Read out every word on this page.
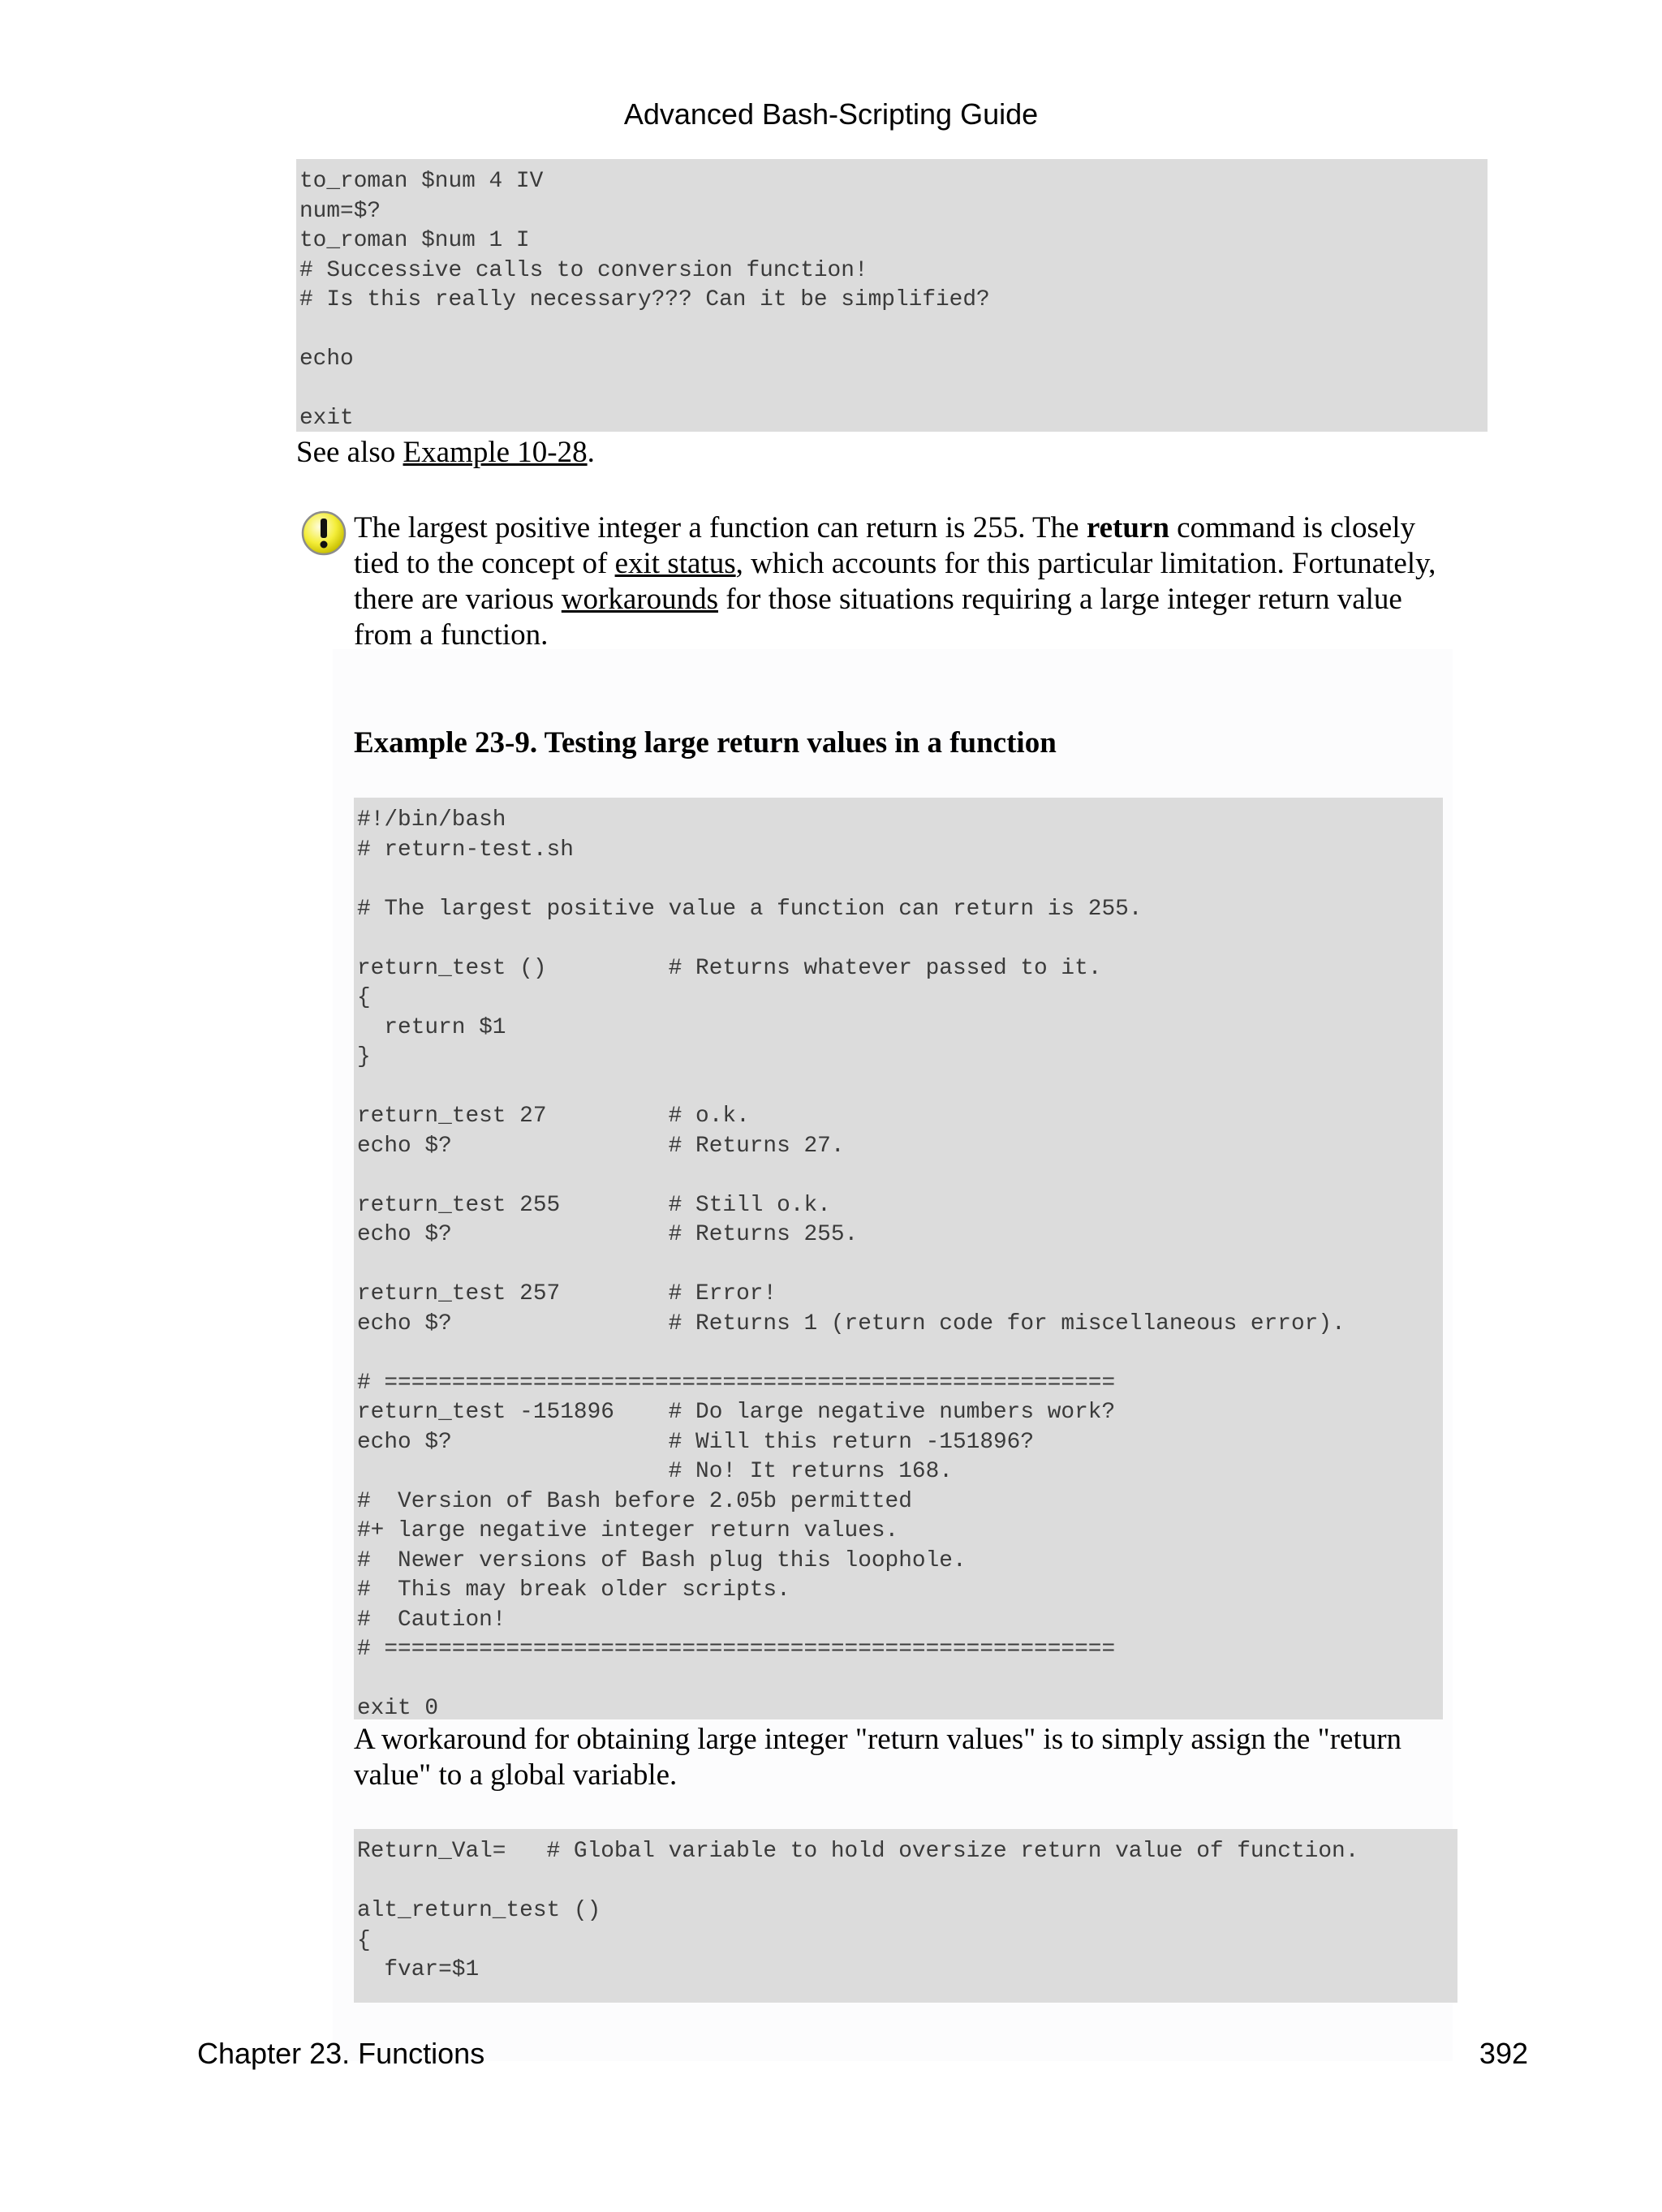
Advanced Bash-Scripting Guide
to_roman $num 4 IV
num=$?
to_roman $num 1 I
# Successive calls to conversion function!
# Is this really necessary??? Can it be simplified?
echo
exit
See also Example 10-28.
The largest positive integer a function can return is 255. The return command is closely tied to the concept of exit status, which accounts for this particular limitation. Fortunately, there are various workarounds for those situations requiring a large integer return value from a function.
Example 23-9. Testing large return values in a function
#!/bin/bash
# return-test.sh
# The largest positive value a function can return is 255.
return_test ()         # Returns whatever passed to it.
{
return $1
}
return_test 27         # o.k.
echo $?                # Returns 27.
return_test 255        # Still o.k.
echo $?                # Returns 255.
return_test 257        # Error!
echo $?                # Returns 1 (return code for miscellaneous error).
# ======================================================
return_test -151896    # Do large negative numbers work?
echo $?                # Will this return -151896?
# No! It returns 168.
#  Version of Bash before 2.05b permitted
#+ large negative integer return values.
#  Newer versions of Bash plug this loophole.
#  This may break older scripts.
#  Caution!
# ======================================================
exit 0
A workaround for obtaining large integer "return values" is to simply assign the "return value" to a global variable.
Return_Val=   # Global variable to hold oversize return value of function.
alt_return_test ()
{
fvar=$1
Chapter 23. Functions	392
